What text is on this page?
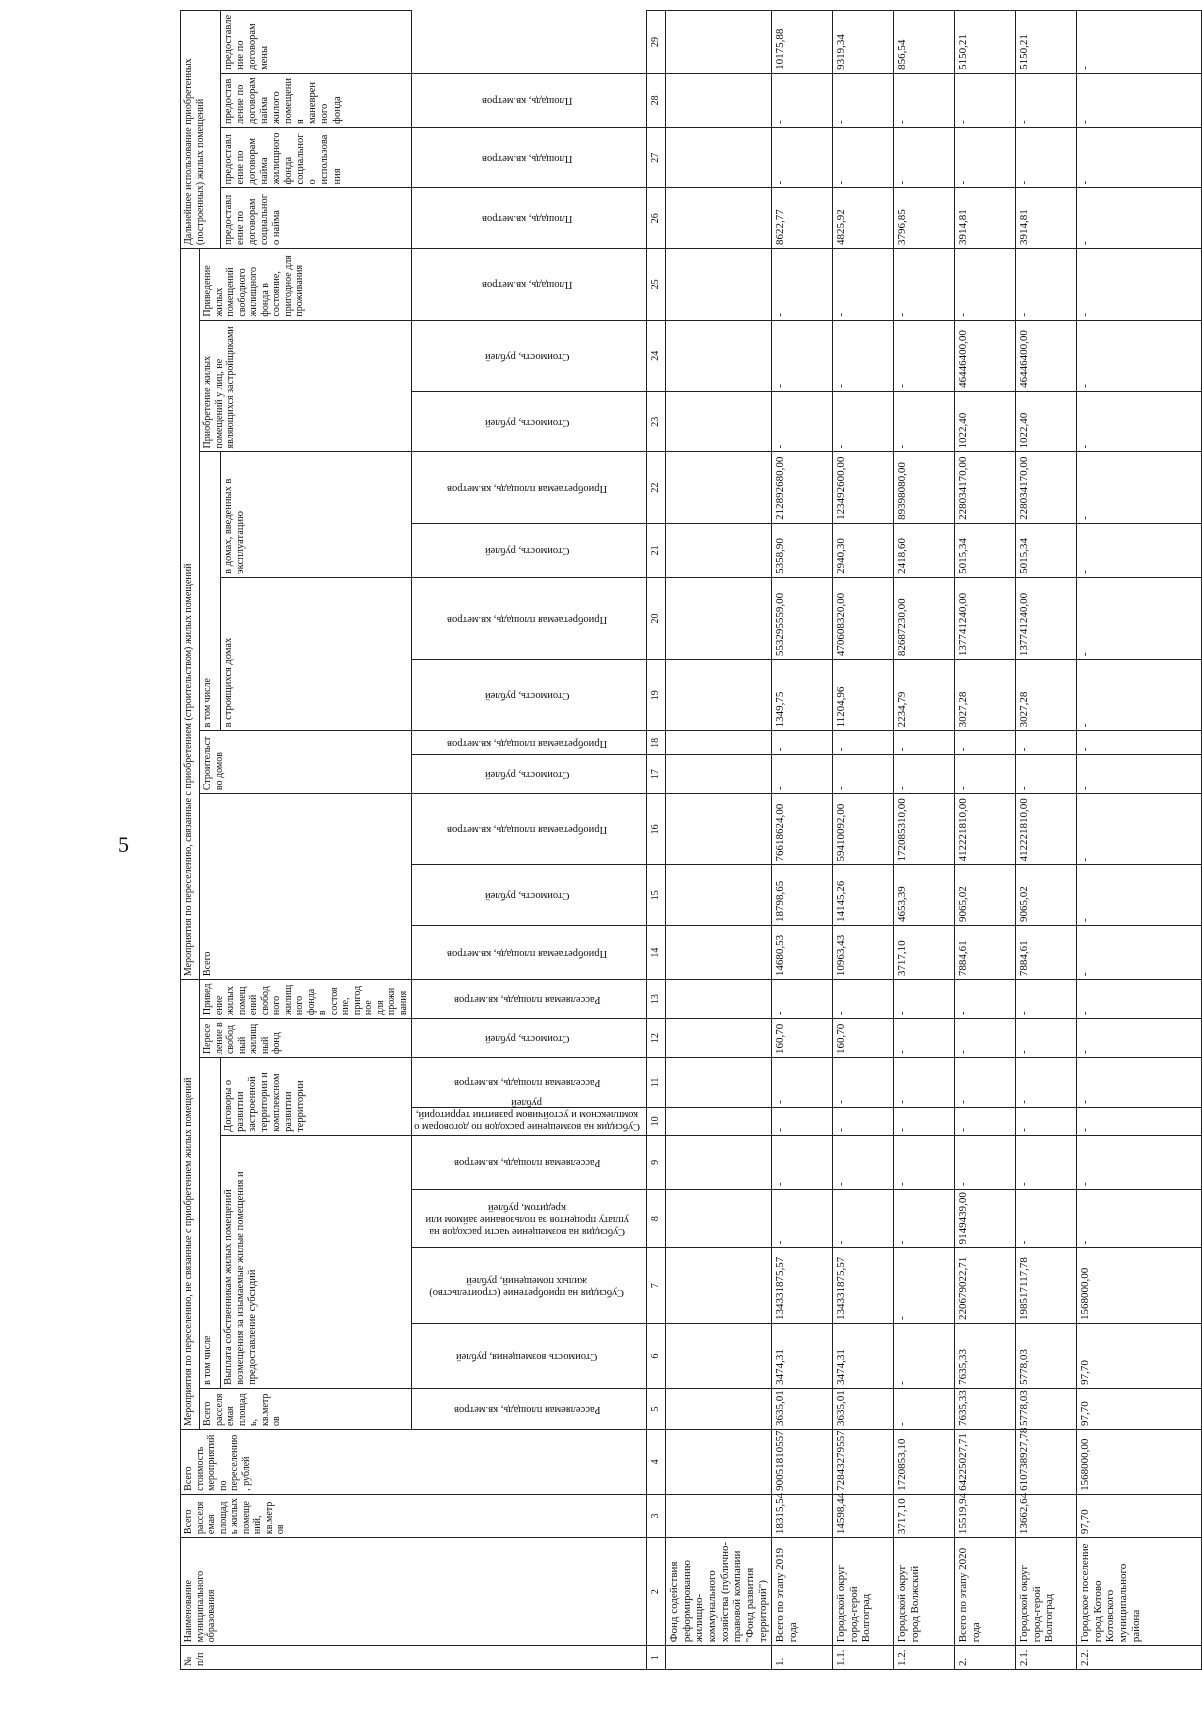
5
№ п/п	Наименование муниципального образования	Всего расселяемая площадь жилых помещений, кв.метров	Всего стоимость мероприятий по переселению, рублей	Мероприятия по переселению, не связанные с приобретением жилых помещений									Мероприятия по переселению, связанные с приобретением (строительством) жилых помещений												Дальнейшее использование приобретенных (построенных) жилых помещений			
				Всего расселяемая площадь, кв.метров	в том числе						Переселение в свободный жилищный фонд	Приведение жилых помещений свободного жилищного фонда в состояние, пригодное для проживания	Всего			Строительство домов		в том числе				Приобретение жилых помещений у лиц, не являющихся застройщиками		Приведение жилых помещений свободного жилищного фонда в состояние, пригодное для проживания				
					Выплата собственникам жилых помещений возмещения за изымаемые жилые помещения и предоставление субсидий				Договоры о развитии застроенной территории и комплексном развитии территории									в строящихся домах		в домах, введенных в эксплуатацию					предоставление по договорам социального найма	предоставление по договорам найма жилищного фонда социального использования	предоставление по договорам найма жилого помещения маневренного фонда	предоставление по договорам мены
				Расселяемая площадь, кв.метров	Стоимость возмещения, рублей	Субсидия на приобретение (строительство) жилых помещений, рублей	Субсидия на возмещение части расходов на уплату процентов за пользование займом или кредитом, рублей	Расселяемая площадь, кв.метров	Субсидия на возмещение расходов по договорам о комплексном и устойчивом развитии территорий, рублей	Расселяемая площадь, кв.метров	Стоимость, рублей	Расселяемая площадь, кв.метров	Приобретаемая площадь, кв.метров	Стоимость, рублей	Приобретаемая площадь, кв.метров	Стоимость, рублей	Приобретаемая площадь, кв.метров	Стоимость, рублей	Приобретаемая площадь, кв.метров	Стоимость, рублей	Приобретаемая площадь, кв.метров	Стоимость, рублей	Стоимость, рублей	Площадь, кв.метров	Площадь, кв.метров	Площадь, кв.метров	Площадь, кв.метров	
1	2	3	4	5	6	7	8	9	10	11	12	13	14	15	16	17	18	19	20	21	22	23	24	25	26	27	28	29
	Фонд содействия реформированию жилищно-коммунального хозяйства (публично-правовой компании "Фонд развития территорий")																											
1.	Всего по этапу 2019 года	18315,54	90051810557	3635,01	3474,31	134331875,57	-	-	-	-	160,70	-	14680,53	18798,65	76618624,00	-	-	1349,75	553295559,00	5358,90	212892680,00	-	-	-	8622,77	-	-	10175,88
1.1.	Городской округ город-герой Волгоград	14598,44	72843279557	3635,01	3474,31	134331875,57	-	-	-	-	160,70	-	10963,43	14145,26	59410092,00	-	-	11204,96	470608320,00	2940,30	123492600,00	-	-	-	4825,92	-	-	9319,34
1.2.	Городской округ город Волжский	3717,10	1720853,10	-	-	-	-	-	-	-	-	-	3717,10	4653,39	172085310,00	-	-	2234,79	82687230,00	2418,60	89398080,00	-	-	-	3796,85	-	-	856,54
2.	Всего по этапу 2020 года	15519,94	64225027,71	7635,33	7635,33	220679022,71	9149439,00	-	-	-	-	-	7884,61	9065,02	412221810,00	-	-	3027,28	137741240,00	5015,34	228034170,00	1022,40	46446400,00	-	3914,81	-	-	5150,21
2.1.	Городской округ город-герой Волгоград	13662,64	610738927,78	5778,03	5778,03	198517117,78	-	-	-	-	-	-	7884,61	9065,02	412221810,00	-	-	3027,28	137741240,00	5015,34	228034170,00	1022,40	46446400,00	-	3914,81	-	-	5150,21
2.2.	Городское поселение город Котово Котовского муниципального района	97,70	1568000,00	97,70	97,70	1568000,00	-	-	-	-	-	-	-	-	-	-	-	-	-	-	-	-	-	-	-	-	-	-
